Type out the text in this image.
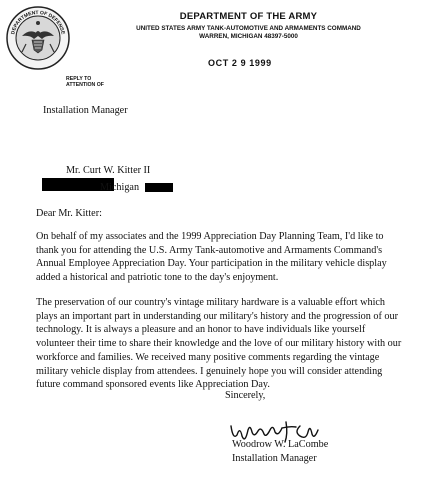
DEPARTMENT OF DEFENSE
DEPARTMENT OF THE ARMY
UNITED STATES ARMY TANK-AUTOMOTIVE AND ARMAMENTS COMMAND
WARREN, MICHIGAN 48397-5000
OCT 2 9 1999
REPLY TO
ATTENTION OF
Installation Manager
Mr. Curt W. Kitter II
Michigan
Dear Mr. Kitter:
On behalf of my associates and the 1999 Appreciation Day Planning Team, I'd like to
thank you for attending the U.S. Army Tank-automotive and Armaments Command's
Annual Employee Appreciation Day. Your participation in the military vehicle display
added a historical and patriotic tone to the day's enjoyment.
The preservation of our country's vintage military hardware is a valuable effort which
plays an important part in understanding our military's history and the progression of our
technology. It is always a pleasure and an honor to have individuals like yourself
volunteer their time to share their knowledge and the love of our military history with our
workforce and families. We received many positive comments regarding the vintage
military vehicle display from attendees. I genuinely hope you will consider attending
future command sponsored events like Appreciation Day.
Sincerely,
Woodrow W. LaCombe
Installation Manager
